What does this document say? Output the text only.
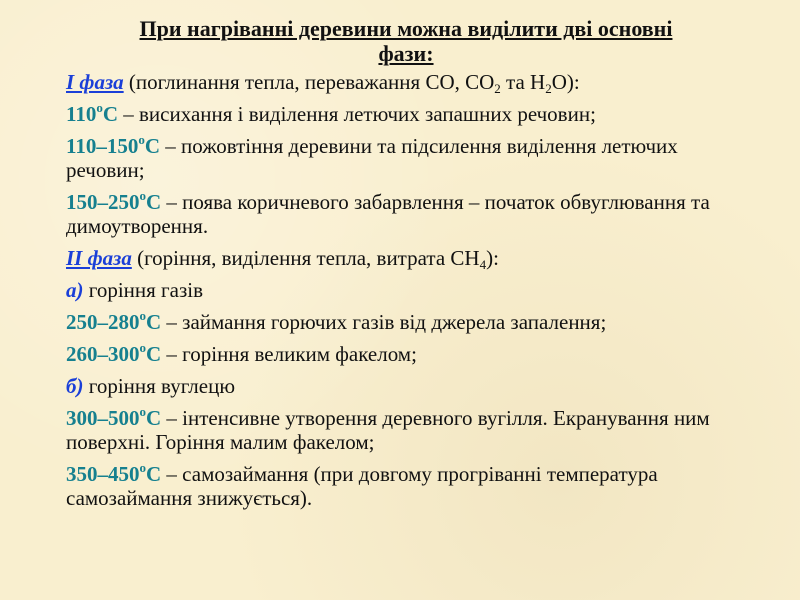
При нагріванні деревини можна виділити дві основні
фази:
I фаза (поглинання тепла, переважання CO, $CO_2$ та $H_2O$):
110$^o$C – висихання і виділення летючих запашних речовин;
110–150$^o$C – пожовтіння деревини та підсилення виділення летючих речовин;
150–250$^o$C – поява коричневого забарвлення – початок обвуглювання та димоутворення.
II фаза (горіння, виділення тепла, витрата $CH_4$):
а) горіння газів
250–280$^o$C – займання горючих газів від джерела запалення;
260–300$^o$C – горіння великим факелом;
б) горіння вуглецю
300–500$^o$C – інтенсивне утворення деревного вугілля. Екранування ним поверхні. Горіння малим факелом;
350–450$^o$C – самозаймання (при довгому прогріванні температура самозаймання знижується).
